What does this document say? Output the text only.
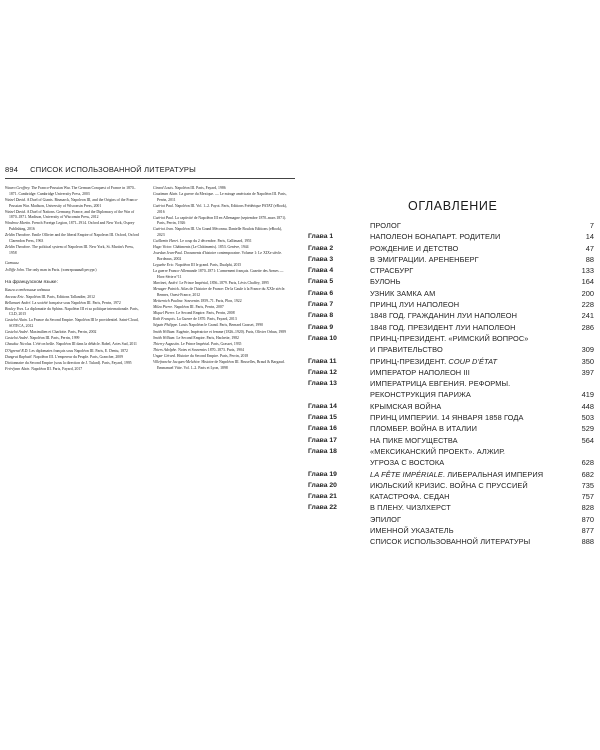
894 СПИСОК ИСПОЛЬЗОВАННОЙ ЛИТЕРАТУРЫ
Wawro Geoffrey. The Franco-Prussian War. The German Conquest of France in 1870–1871. Cambridge: Cambridge University Press, 2003
Wetzel David. A Duel of Giants. Bismarck, Napoleon III, and the Origins of the Franco-Prussian War. Madison, University of Wisconsin Press, 2001
Wetzel David. A Duel of Nations. Germany, France, and the Diplomacy of the War of 1870–1871. Madison, University of Wisconsin Press, 2012
Windrow Martin. French Foreign Legion, 1871–1914. Oxford and New York, Osprey Publishing, 2016
Zeldin Theodore. Emile Ollivier and the liberal Empire of Napoleon III. Oxford, Oxford Clarendon Press, 1963
Zeldin Theodore. The political system of Napoleon III. New York, St. Martin's Press, 1958
Сатины
Jolliffe John. The only man in Paris. (электронный ресурс)
На французском языке:
Книги и отдельные издания
Anceau Eric. Napoléon III. Paris, Editions Tallandier, 2012
Bellamart André. La société française sous Napoléon III. Paris, Perrin, 1972
Bouley Yves. La diplomatie du Sphinx. Napoléon III et sa politique internationale. Paris, CLD, 2015
Castelot Alain. La France du Second Empire. Napoléon III le providentiel. Saint-Cloud, SOTECA, 2012
Castelot André. Maximilien et Charlotte. Paris, Perrin, 2002
Castelot André. Napoléon III. Paris, Perrin, 1999
Chauduc Nicolas. L'été on brûle. Napoléon III dans la débâcle. Babel, Actes Sud, 2011
D'Agrenel R.D. Les diplomates français sous Napoléon III. Paris, E. Dentu, 1872
Dangrat Raphaël. Napoléon III. L'empereur du Peuple. Paris, Grancher, 2009
Dictionnaire du Second Empire (sous la direction de J. Tulard). Paris, Fayard, 1995
Fréréjean Alain. Napoléon III. Paris, Fayard, 2017
Girard Louis. Napoléon III. Paris, Fayard, 1986
Gouttman Alain. La guerre du Mexique. — Le mirage américain de Napoléon III. Paris, Perrin, 2011
Guériot Paul. Napoléon III. Vol. 1–2. Payot. Paris, Editions Frédérique PATAT (eBook), 2016
Guériot Paul. La captivité de Napoléon III en Allemagne (septembre 1870–mars 1871). Paris, Perrin, 1926
Guériot Jean. Napoléon III. Un Grand Méconnu. Danielle Boulois Editions (eBook), 2023
Guillemin Henri. Le coup du 2 décembre. Paris, Gallimard, 1951
Hugo Victor. Châtiments (Le Châtiments). 1853. Genève, 1944
Jourdan Jean-Paul. Documents d'histoire contemporaine. Volume 1: Le XIXe siècle. Bordeaux, 2002
Leguebe Eric. Napoléon III le grand. Paris, Dualphi, 2015
La guerre Franco-Allemande 1870–1871: L'armement français. Gazette des Armes — Hors-Série n°11
Martinet, André. Le Prince Impérial, 1856–1879. Paris, Lévis Chaffey, 1895
Menager Patrick. Atlas de l'histoire de France: De la Gaule à la France du XXIe siècle. Rennes, Ouest-France, 2012
Metternich Pauline. Souvenirs 1859–71. Paris, Plon, 1922
Milza Pierre. Napoléon III. Paris, Perrin, 2007
Miquel Pierre. Le Second Empire. Paris, Perrin, 2008
Roth François. La Guerre de 1870. Paris, Fayard, 2013
Séguin Philippe. Louis Napoléon le Grand. Paris, Bernard Grasset, 1990
Smith William. Eugénie, Impératrice et femme (1826–1920). Paris, Olivier Orban, 1989
Smith William. Le Second Empire. Paris, Hachette, 1982
Thierry Augustin. Le Prince Impérial. Paris, Grasset, 1935
Thiers Adolphe. Notes et Souvenirs 1870–1873. Paris, 1904
Ungar Gérard. Histoire du Second Empire. Paris, Perrin, 2018
Villefranche Jacques-Melchior. Histoire de Napoléon III. Bruxelles, Braud & Bargaud. Emmanuel Vitte. Vol. 1–2. Paris et Lyon, 1898
ОГЛАВЛЕНИЕ
ПРОЛОГ	7
Глава 1	НАПОЛЕОН БОНАПАРТ. РОДИТЕЛИ	14
Глава 2	РОЖДЕНИЕ И ДЕТСТВО	47
Глава 3	В ЭМИГРАЦИИ. АРЕНЕНБЕРГ	88
Глава 4	СТРАСБУРГ	133
Глава 5	БУЛОНЬ	164
Глава 6	УЗНИК ЗАМКА АМ	200
Глава 7	ПРИНЦ ЛУИ НАПОЛЕОН	228
Глава 8	1848 ГОД. ГРАЖДАНИН ЛУИ НАПОЛЕОН	241
Глава 9	1848 ГОД. ПРЕЗИДЕНТ ЛУИ НАПОЛЕОН	286
Глава 10	ПРИНЦ-ПРЕЗИДЕНТ. «РИМСКИЙ ВОПРОС»
И ПРАВИТЕЛЬСТВО	309
Глава 11	ПРИНЦ-ПРЕЗИДЕНТ. COUP D'ÉTAT	350
Глава 12	ИМПЕРАТОР НАПОЛЕОН III	397
Глава 13	ИМПЕРАТРИЦА ЕВГЕНИЯ. РЕФОРМЫ.
РЕКОНСТРУКЦИЯ ПАРИЖА	419
Глава 14	КРЫМСКАЯ ВОЙНА	448
Глава 15	ПРИНЦ ИМПЕРИИ. 14 ЯНВАРЯ 1858 ГОДА	503
Глава 16	ПЛОМБЕР. ВОЙНА В ИТАЛИИ	529
Глава 17	НА ПИКЕ МОГУЩЕСТВА	564
Глава 18	«МЕКСИКАНСКИЙ ПРОЕКТ». АЛЖИР.
УГРОЗА С ВОСТОКА	628
Глава 19	LA FÊTE IMPÉRIALE. ЛИБЕРАЛЬНАЯ ИМПЕРИЯ	682
Глава 20	ИЮЛЬСКИЙ КРИЗИС. ВОЙНА С ПРУССИЕЙ	735
Глава 21	КАТАСТРОФА. СЕДАН	757
Глава 22	В ПЛЕНУ. ЧИЗЛХЕРСТ	828
ЭПИЛОГ	870
ИМЕННОЙ УКАЗАТЕЛЬ	877
СПИСОК ИСПОЛЬЗОВАННОЙ ЛИТЕРАТУРЫ	888
